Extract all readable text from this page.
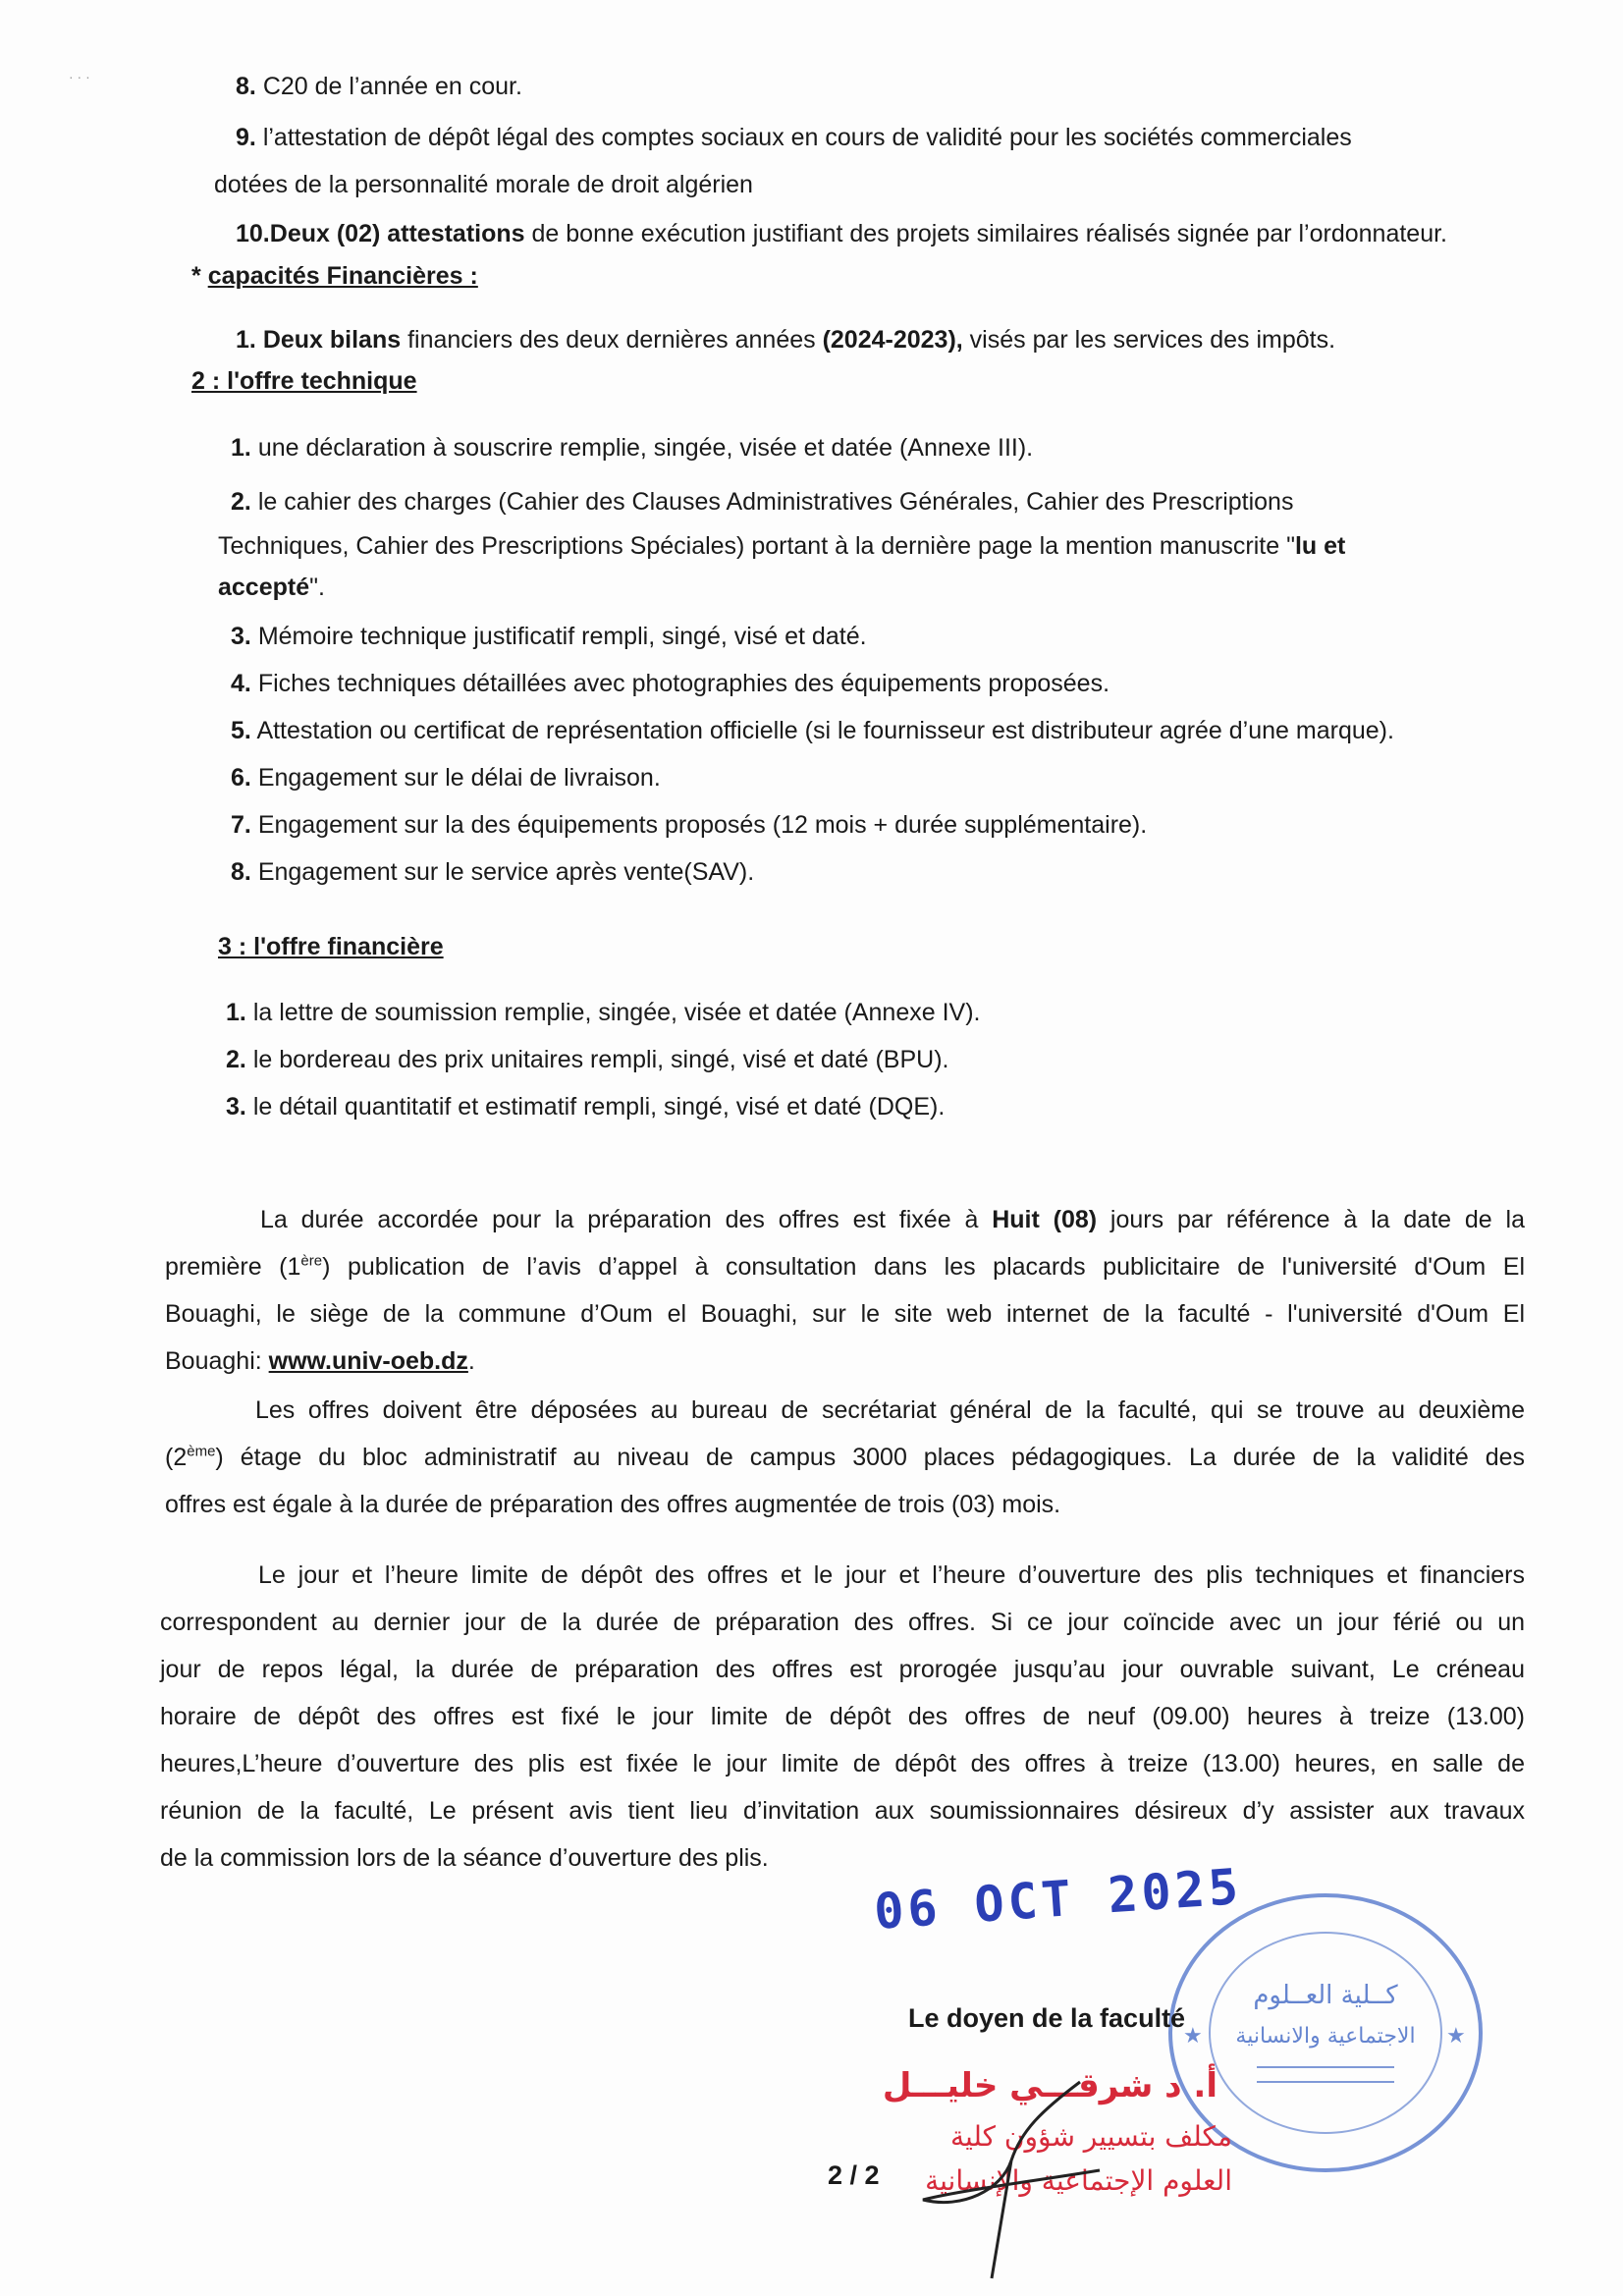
· · ·	8. C20 de l’année en cour.
9. l’attestation de dépôt légal des comptes sociaux en cours de validité pour les sociétés commerciales
dotées de la personnalité morale de droit algérien
10.Deux (02) attestations de bonne exécution justifiant des projets similaires réalisés signée par l’ordonnateur.
* capacités Financières :
1. Deux bilans financiers des deux dernières années (2024-2023), visés par les services des impôts.
2 : l'offre technique
1. une déclaration à souscrire remplie, singée, visée et datée (Annexe III).
2. le cahier des charges (Cahier des Clauses Administratives Générales, Cahier des Prescriptions
Techniques, Cahier des Prescriptions Spéciales) portant à la dernière page la mention manuscrite "lu et
accepté".
3. Mémoire technique justificatif rempli, singé, visé et daté.
4. Fiches techniques détaillées avec photographies des équipements proposées.
5. Attestation ou certificat de représentation officielle (si le fournisseur est distributeur agrée d’une marque).
6. Engagement sur le délai de livraison.
7. Engagement sur la des équipements proposés (12 mois + durée supplémentaire).
8. Engagement sur le service après vente(SAV).
3 : l'offre financière
1. la lettre de soumission remplie, singée, visée et datée (Annexe IV).
2. le bordereau des prix unitaires rempli, singé, visé et daté (BPU).
3. le détail quantitatif et estimatif rempli, singé, visé et daté (DQE).
La durée accordée pour la préparation des offres est fixée à Huit (08) jours par référence à la date de la
première (1ère) publication de l’avis d’appel à consultation dans les placards publicitaire de l'université d'Oum El
Bouaghi, le siège de la commune d’Oum el Bouaghi, sur le site web internet de la faculté - l'université d'Oum El
Bouaghi: www.univ-oeb.dz.
Les offres doivent être déposées au bureau de secrétariat général de la faculté, qui se trouve au deuxième
(2ème) étage du bloc administratif au niveau de campus 3000 places pédagogiques. La durée de la validité des
offres est égale à la durée de préparation des offres augmentée de trois (03) mois.
Le jour et l’heure limite de dépôt des offres et le jour et l’heure d’ouverture des plis techniques et financiers
correspondent au dernier jour de la durée de préparation des offres. Si ce jour coïncide avec un jour férié ou un
jour de repos légal, la durée de préparation des offres est prorogée jusqu’au jour ouvrable suivant, Le créneau
horaire de dépôt des offres est fixé le jour limite de dépôt des offres de neuf (09.00) heures à treize (13.00)
heures,L’heure d’ouverture des plis est fixée le jour limite de dépôt des offres à treize (13.00) heures, en salle de
réunion de la faculté, Le présent avis tient lieu d’invitation aux soumissionnaires désireux d’y assister aux travaux
de la commission lors de la séance d’ouverture des plis.	06 OCT 2025
كــلية العــلوم
الاجتماعية والانسانية ★
★
Le doyen de la faculté
2 / 2
أ. د شرقـــي خليـــل
مكلف بتسيير شؤون كلية
العلوم الإجتماعية والإنسانية
